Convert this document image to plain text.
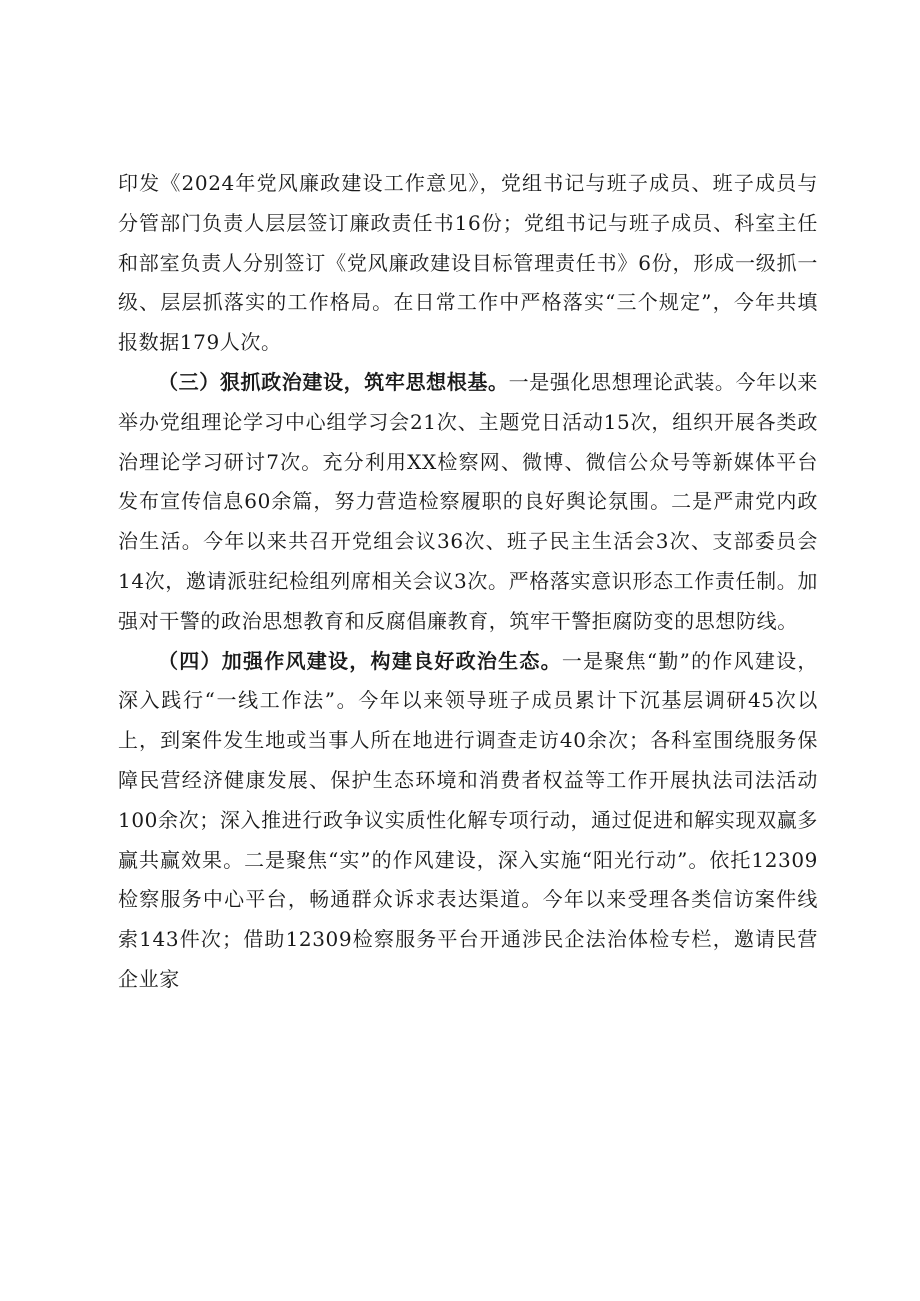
印发《2024年党风廉政建设工作意见》，党组书记与班子成员、班子成员与分管部门负责人层层签订廉政责任书16份；党组书记与班子成员、科室主任和部室负责人分别签订《党风廉政建设目标管理责任书》6份，形成一级抓一级、层层抓落实的工作格局。在日常工作中严格落实“三个规定”，今年共填报数据179人次。

（三）狠抓政治建设，筑牢思想根基。一是强化思想理论武装。今年以来举办党组理论学习中心组学习会21次、主题党日活动15次，组织开展各类政治理论学习研讨7次。充分利用XX检察网、微博、微信公众号等新媒体平台发布宣传信息60余篇，努力营造检察履职的良好舆论氛围。二是严肃党内政治生活。今年以来共召开党组会议36次、班子民主生活会3次、支部委员会14次，邀请派驻纪检组列席相关会议3次。严格落实意识形态工作责任制。加强对干警的政治思想教育和反腐倡廉教育，筑牢干警拒腐防变的思想防线。

（四）加强作风建设，构建良好政治生态。一是聚焦“勤”的作风建设，深入践行“一线工作法”。今年以来领导班子成员累计下沉基层调研45次以上，到案件发生地或当事人所在地进行调查走访40余次；各科室围绕服务保障民营经济健康发展、保护生态环境和消费者权益等工作开展执法司法活动100余次；深入推进行政争议实质性化解专项行动，通过促进和解实现双赢多赢共赢效果。二是聚焦“实”的作风建设，深入实施“阳光行动”。依托12309检察服务中心平台，畅通群众诉求表达渠道。今年以来受理各类信访案件线索143件次；借助12309检察服务平台开通涉民企法治体检专栏，邀请民营企业家
